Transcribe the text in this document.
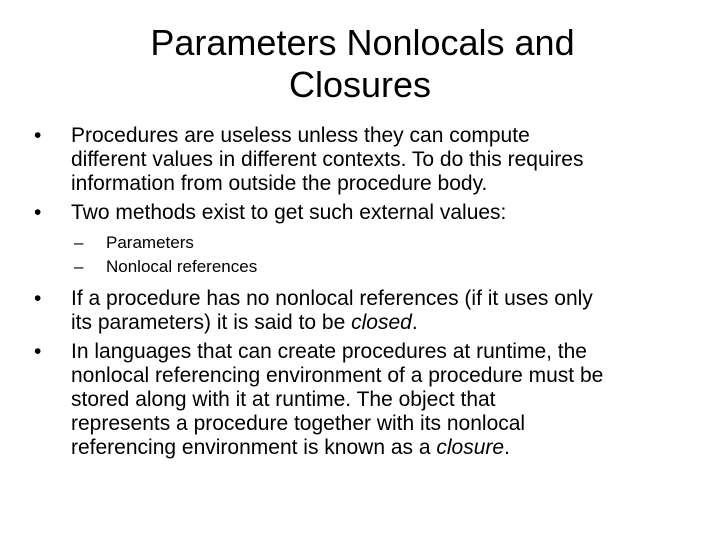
Parameters Nonlocals and
Closures
•	Procedures are useless unless they can compute
different values in different contexts. To do this requires
information from outside the procedure body.
•	Two methods exist to get such external values:
– Parameters
– Nonlocal references
•	If a procedure has no nonlocal references (if it uses only
its parameters) it is said to be closed.
•	In languages that can create procedures at runtime, the
nonlocal referencing environment of a procedure must be
stored along with it at runtime. The object that
represents a procedure together with its nonlocal
referencing environment is known as a closure.
